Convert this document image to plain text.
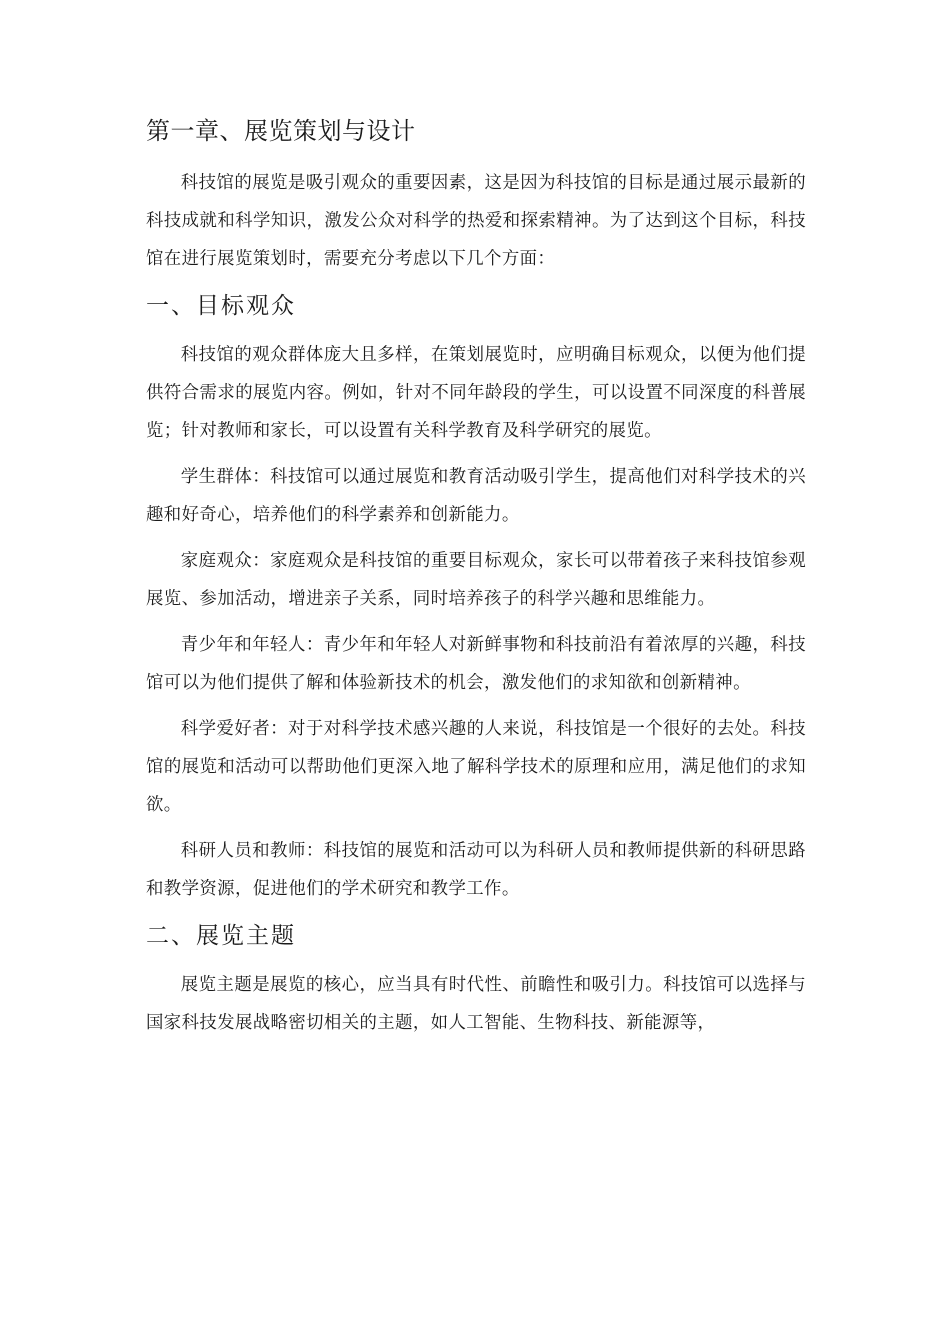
第一章、展览策划与设计

科技馆的展览是吸引观众的重要因素，这是因为科技馆的目标是通过展示最新的科技成就和科学知识，激发公众对科学的热爱和探索精神。为了达到这个目标，科技馆在进行展览策划时，需要充分考虑以下几个方面：

一、目标观众

科技馆的观众群体庞大且多样，在策划展览时，应明确目标观众，以便为他们提供符合需求的展览内容。例如，针对不同年龄段的学生，可以设置不同深度的科普展览；针对教师和家长，可以设置有关科学教育及科学研究的展览。

学生群体：科技馆可以通过展览和教育活动吸引学生，提高他们对科学技术的兴趣和好奇心，培养他们的科学素养和创新能力。

家庭观众：家庭观众是科技馆的重要目标观众，家长可以带着孩子来科技馆参观展览、参加活动，增进亲子关系，同时培养孩子的科学兴趣和思维能力。

青少年和年轻人：青少年和年轻人对新鲜事物和科技前沿有着浓厚的兴趣，科技馆可以为他们提供了解和体验新技术的机会，激发他们的求知欲和创新精神。

科学爱好者：对于对科学技术感兴趣的人来说，科技馆是一个很好的去处。科技馆的展览和活动可以帮助他们更深入地了解科学技术的原理和应用，满足他们的求知欲。

科研人员和教师：科技馆的展览和活动可以为科研人员和教师提供新的科研思路和教学资源，促进他们的学术研究和教学工作。

二、展览主题

展览主题是展览的核心，应当具有时代性、前瞻性和吸引力。科技馆可以选择与国家科技发展战略密切相关的主题，如人工智能、生物科技、新能源等，
